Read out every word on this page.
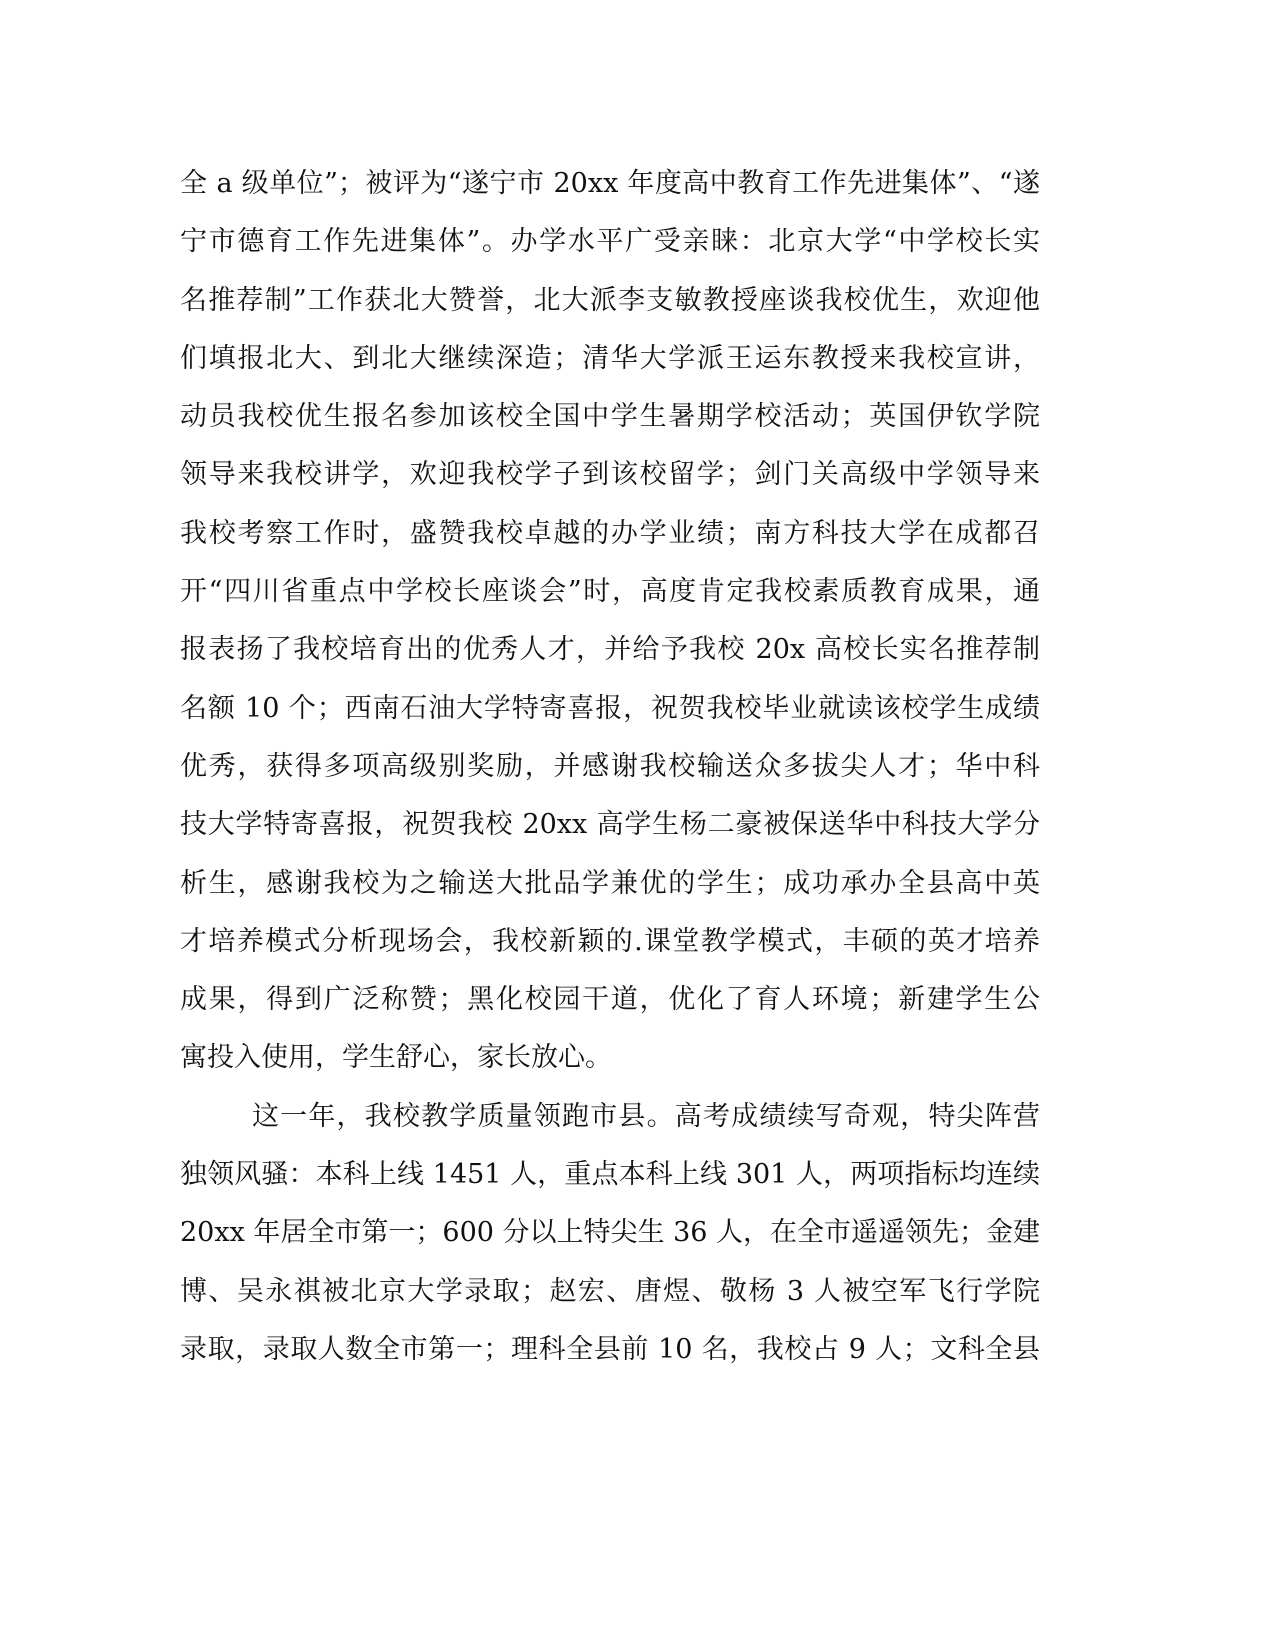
全 a 级单位”；被评为“遂宁市 20xx 年度高中教育工作先进集体”、“遂
宁市德育工作先进集体”。办学水平广受亲睐：北京大学“中学校长实
名推荐制”工作获北大赞誉，北大派李支敏教授座谈我校优生，欢迎他
们填报北大、到北大继续深造；清华大学派王运东教授来我校宣讲，
动员我校优生报名参加该校全国中学生暑期学校活动；英国伊钦学院
领导来我校讲学，欢迎我校学子到该校留学；剑门关高级中学领导来
我校考察工作时，盛赞我校卓越的办学业绩；南方科技大学在成都召
开“四川省重点中学校长座谈会”时，高度肯定我校素质教育成果，通
报表扬了我校培育出的优秀人才，并给予我校 20x 高校长实名推荐制
名额 10 个；西南石油大学特寄喜报，祝贺我校毕业就读该校学生成绩
优秀，获得多项高级别奖励，并感谢我校输送众多拔尖人才；华中科
技大学特寄喜报，祝贺我校 20xx 高学生杨二豪被保送华中科技大学分
析生，感谢我校为之输送大批品学兼优的学生；成功承办全县高中英
才培养模式分析现场会，我校新颖的.课堂教学模式，丰硕的英才培养
成果，得到广泛称赞；黑化校园干道，优化了育人环境；新建学生公
寓投入使用，学生舒心，家长放心。
这一年，我校教学质量领跑市县。高考成绩续写奇观，特尖阵营
独领风骚：本科上线 1451 人，重点本科上线 301 人，两项指标均连续
20xx 年居全市第一；600 分以上特尖生 36 人，在全市遥遥领先；金建
博、吴永祺被北京大学录取；赵宏、唐煜、敬杨 3 人被空军飞行学院
录取，录取人数全市第一；理科全县前 10 名，我校占 9 人；文科全县
